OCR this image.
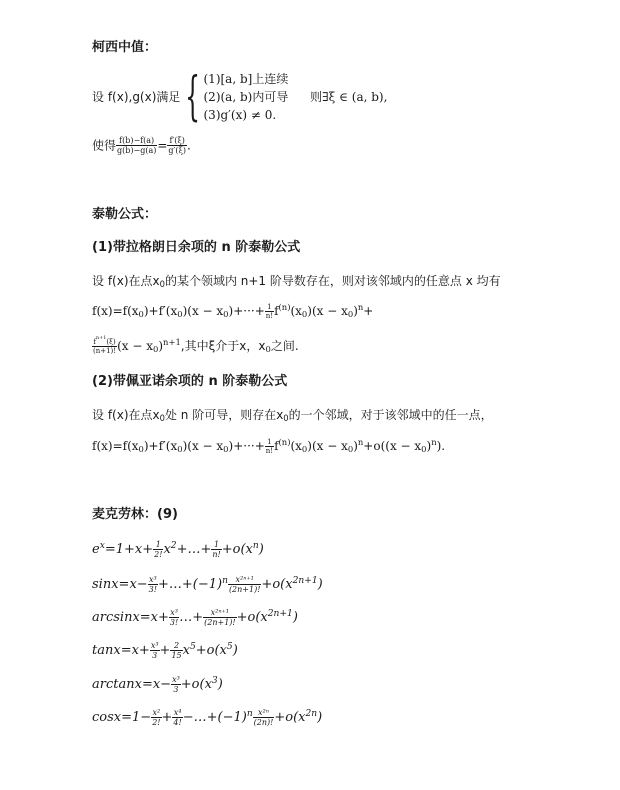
柯西中值：
设 f(x),g(x)满足{ (1)[a, b]上连续
(2)(a, b)内可导
(3)g′(x) ≠ 0.
则∃ξ ∈ (a, b),
使得 $\frac{f(b)-f(a)}{g(b)-g(a)} = \frac{f'(\xi)}{g'(\xi)}$ .
泰勒公式：
(1)带拉格朗日余项的 n 阶泰勒公式
设 f(x)在点$x_0$的某个领域内 n+1 阶导数存在，则对该邻域内的任意点 x 均有
$f(x)=f(x_0)+f'(x_0)(x - x_0)+\cdot\cdot\cdot+ \frac{1}{n!} f^{(n)}(x_0)(x - x_0)^n+$
$\frac{f^{n+1}(\xi)}{(n+1)!} (x - x_0)^{n+1}$,其中ξ介于x，$x_0$之间.
(2)带佩亚诺余项的 n 阶泰勒公式
设 f(x)在点$x_0$处 n 阶可导，则存在$x_0$的一个邻域，对于该邻域中的任一点，
$f(x)=f(x_0)+f'(x_0)(x - x_0)+\cdot\cdot\cdot+ \frac{1}{n!} f^{(n)}(x_0)(x - x_0)^n+o((x - x_0)^n)$.
麦克劳林：(9)
$e^x=1+x+ \frac{1}{2!}$ $x^2+\dots+ \frac{1}{n!} +o(x^n)$
$\sin x=x- \frac{\text{x³}}{3!}$ $+\dots+(-1)^n \frac{\text{x²ⁿ⁺¹}}{(2n+1)!} +o(x^{2n+1})$
$\arcsin x=x+ \frac{\text{x³}}{3!}$ …+ $\frac{\text{x²ⁿ⁺¹}}{(2n+1)!} +o(x^{2n+1})$
$\tan x=x+ \frac{\text{x³}}{3} + \frac{2}{15} x^5+o(x^5)$
$\arctan x=x- \frac{\text{x³}}{3} +o(x^3)$
$\cos x=1- \frac{\text{x²}}{2!} + \frac{\text{x⁴}}{4!}$ $-\dots+(-1)^n \frac{\text{x²ⁿ}}{(2n)!} +o(x^{2n})$
